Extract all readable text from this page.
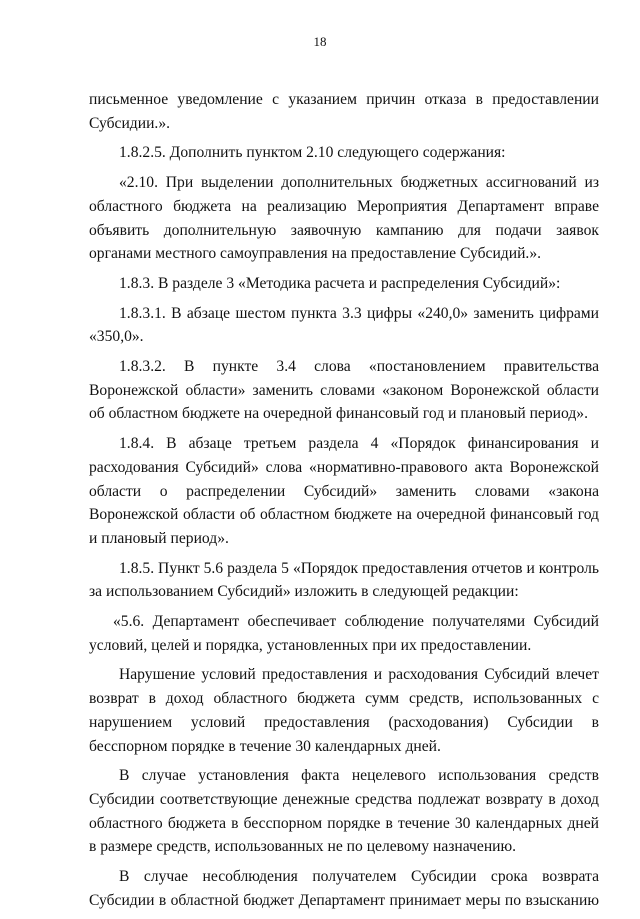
18

письменное уведомление с указанием причин отказа в предоставлении Субсидии.».

1.8.2.5. Дополнить пунктом 2.10 следующего содержания:

«2.10. При выделении дополнительных бюджетных ассигнований из областного бюджета на реализацию Мероприятия Департамент вправе объявить дополнительную заявочную кампанию для подачи заявок органами местного самоуправления на предоставление Субсидий.».

1.8.3. В разделе 3 «Методика расчета и распределения Субсидий»:

1.8.3.1. В абзаце шестом пункта 3.3 цифры «240,0» заменить цифрами «350,0».

1.8.3.2. В пункте 3.4 слова «постановлением правительства Воронежской области» заменить словами «законом Воронежской области об областном бюджете на очередной финансовый год и плановый период».

1.8.4. В абзаце третьем раздела 4 «Порядок финансирования и расходования Субсидий» слова «нормативно-правового акта Воронежской области о распределении Субсидий» заменить словами «закона Воронежской области об областном бюджете на очередной финансовый год и плановый период».

1.8.5. Пункт 5.6 раздела 5 «Порядок предоставления отчетов и контроль за использованием Субсидий» изложить в следующей редакции:

«5.6. Департамент обеспечивает соблюдение получателями Субсидий условий, целей и порядка, установленных при их предоставлении.

Нарушение условий предоставления и расходования Субсидий влечет возврат в доход областного бюджета сумм средств, использованных с нарушением условий предоставления (расходования) Субсидии в бесспорном порядке в течение 30 календарных дней.

В случае установления факта нецелевого использования средств Субсидии соответствующие денежные средства подлежат возврату в доход областного бюджета в бесспорном порядке в течение 30 календарных дней в размере средств, использованных не по целевому назначению.

В случае несоблюдения получателем Субсидии срока возврата Субсидии в областной бюджет Департамент принимает меры по взысканию
